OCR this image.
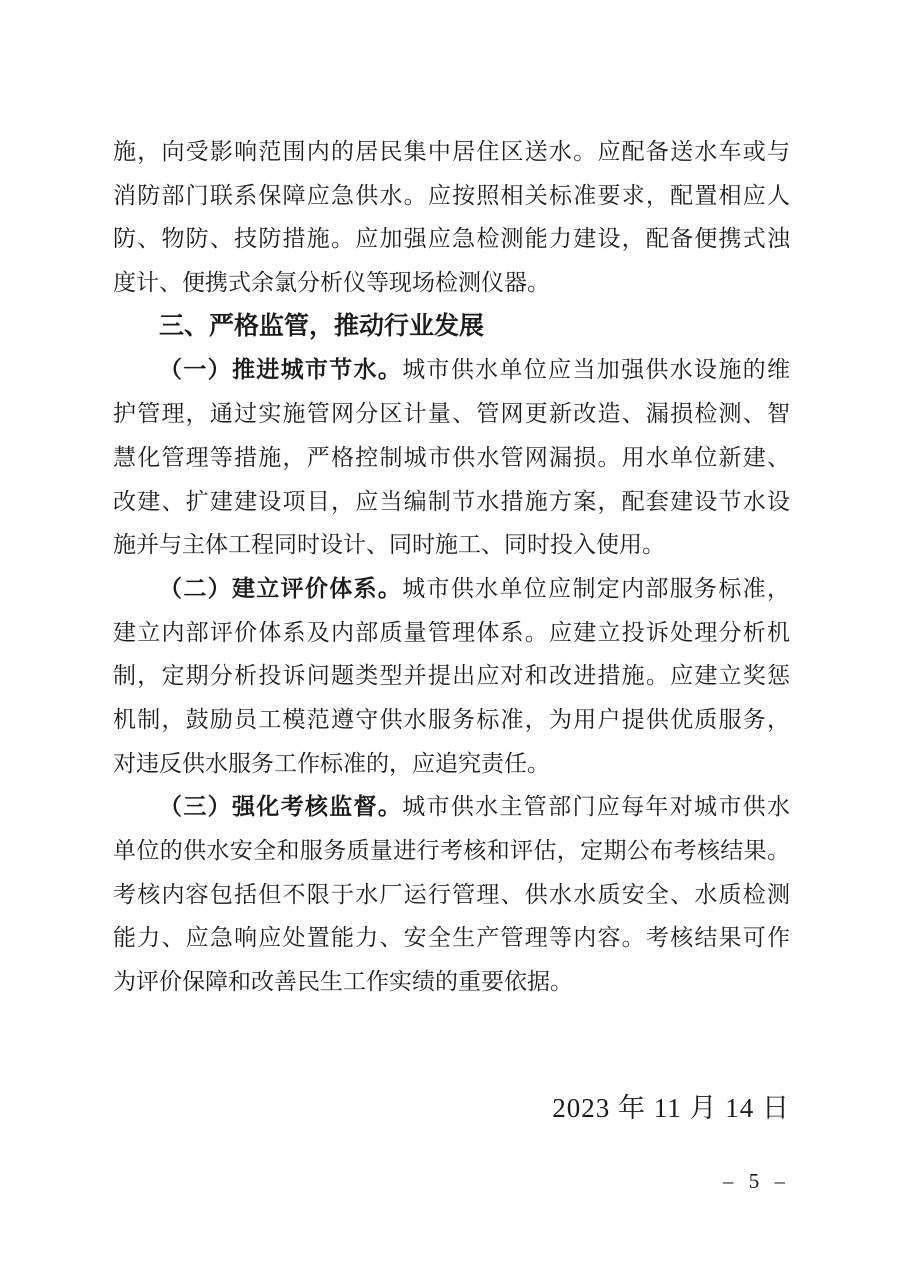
施，向受影响范围内的居民集中居住区送水。应配备送水车或与
消防部门联系保障应急供水。应按照相关标准要求，配置相应人
防、物防、技防措施。应加强应急检测能力建设，配备便携式浊
度计、便携式余氯分析仪等现场检测仪器。
三、严格监管，推动行业发展
（一）推进城市节水。城市供水单位应当加强供水设施的维
护管理，通过实施管网分区计量、管网更新改造、漏损检测、智
慧化管理等措施，严格控制城市供水管网漏损。用水单位新建、
改建、扩建建设项目，应当编制节水措施方案，配套建设节水设
施并与主体工程同时设计、同时施工、同时投入使用。
（二）建立评价体系。城市供水单位应制定内部服务标准，
建立内部评价体系及内部质量管理体系。应建立投诉处理分析机
制，定期分析投诉问题类型并提出应对和改进措施。应建立奖惩
机制，鼓励员工模范遵守供水服务标准，为用户提供优质服务，
对违反供水服务工作标准的，应追究责任。
（三）强化考核监督。城市供水主管部门应每年对城市供水
单位的供水安全和服务质量进行考核和评估，定期公布考核结果。
考核内容包括但不限于水厂运行管理、供水水质安全、水质检测
能力、应急响应处置能力、安全生产管理等内容。考核结果可作
为评价保障和改善民生工作实绩的重要依据。
2023 年 11 月 14 日
– 5 –
